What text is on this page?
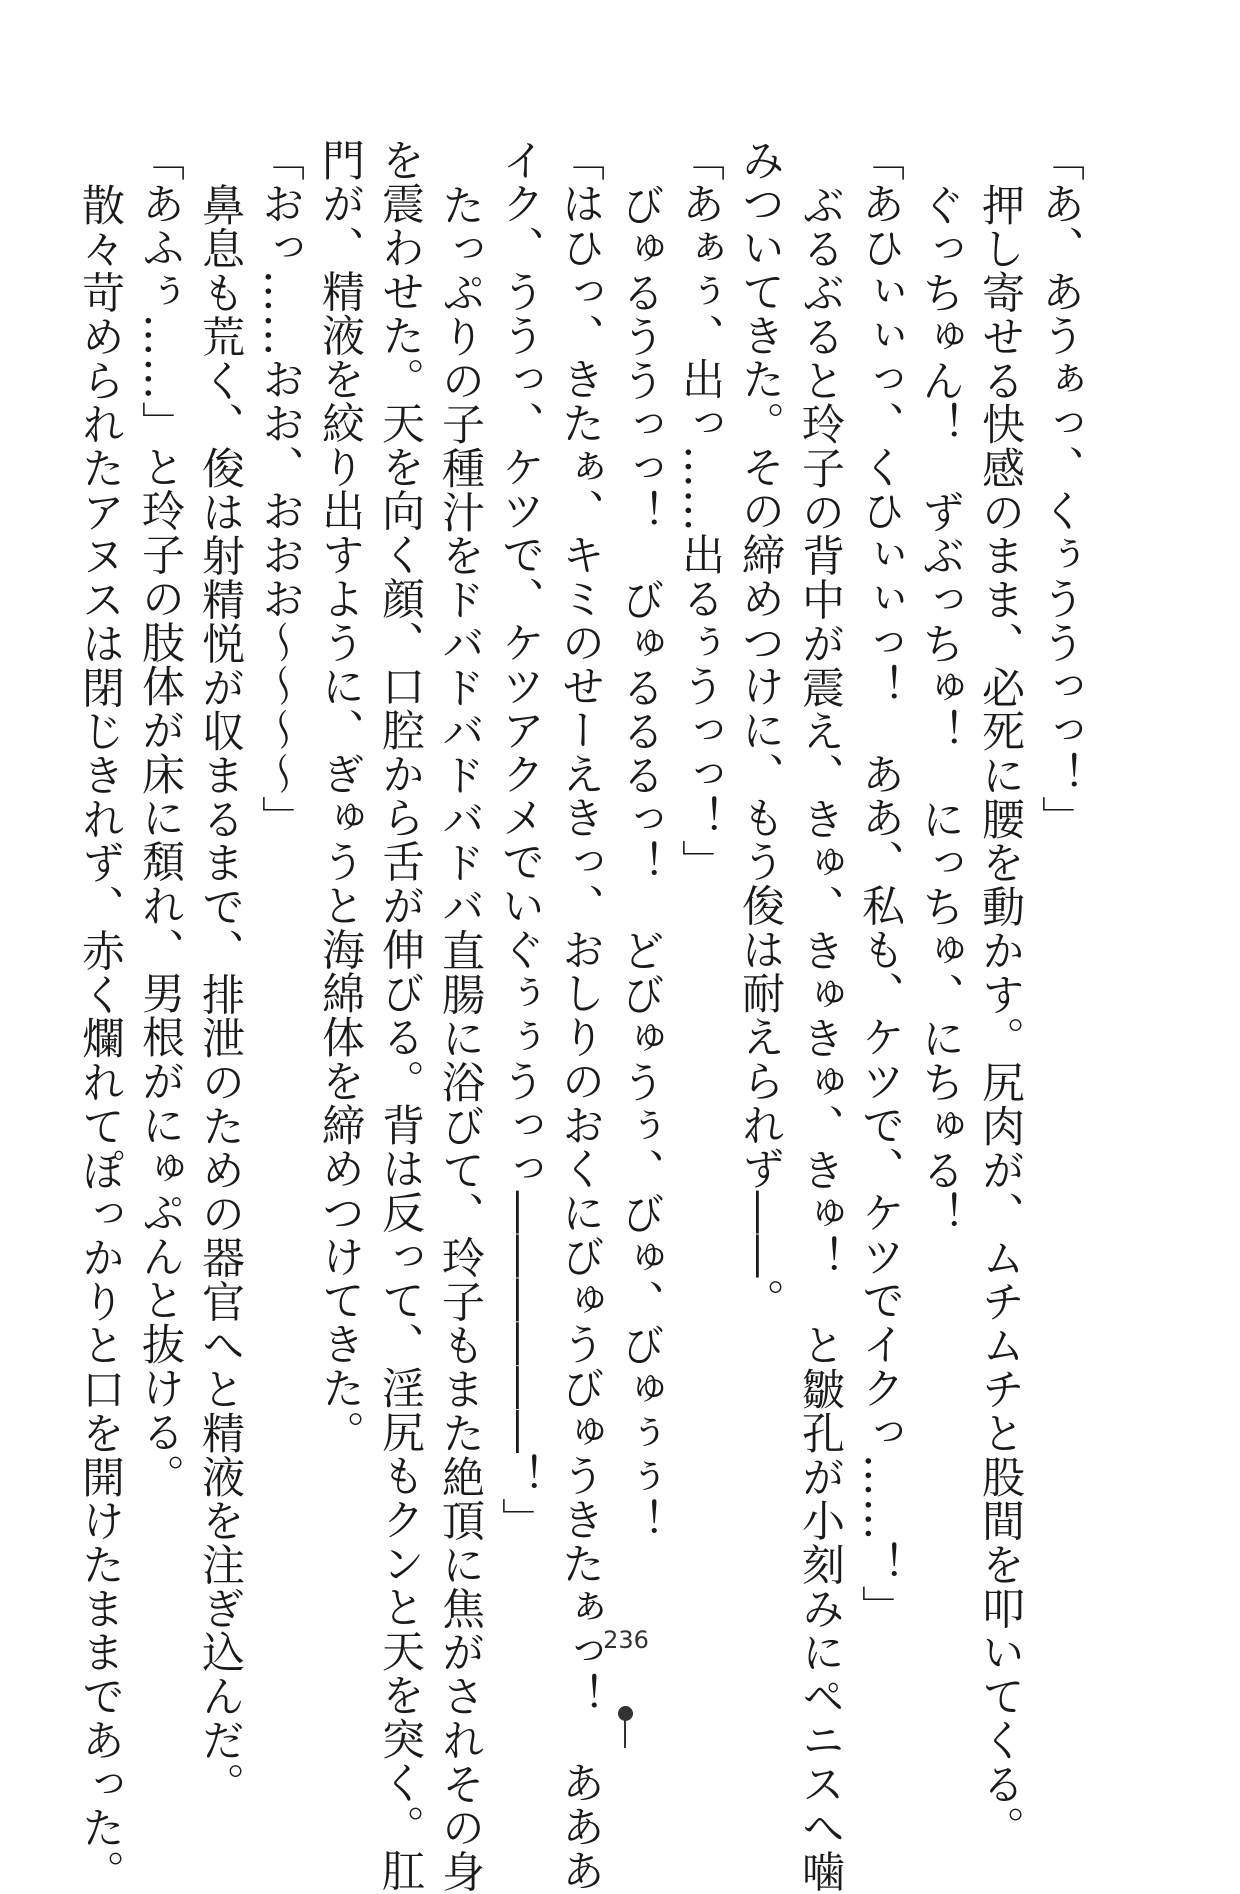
「あ、あうぁっ、くぅううっっ！」

押し寄せる快感のまま、必死に腰を動かす。尻肉が、ムチムチと股間を叩いてくる。

ぐっちゅん！　ずぶっちゅ！　にっちゅ、にちゅる！

「あひぃぃっ、くひぃぃっ！　ああ、私も、ケツで、ケツでイクっ……！」

ぶるぶると玲子の背中が震え、きゅ、きゅきゅ、きゅ！　と皺孔が小刻みにペニスへ噛

みついてきた。その締めつけに、もう俊は耐えられず――。

「あぁぅ、出っ……出るぅうっっ！」

びゅるううっっ！　びゅるるるっ！　どびゅうぅ、びゅ、びゅぅぅ！

「はひっ、きたぁ、キミのせーえきっ、おしりのおくにびゅうびゅうきたぁっ！　あああ

イク、ううっ、ケツで、ケツアクメでいぐぅぅうっっ――――――！」

たっぷりの子種汁をドバドバドバドバ直腸に浴びて、玲子もまた絶頂に焦がされその身

を震わせた。天を向く顔、口腔から舌が伸びる。背は反って、淫尻もクンと天を突く。肛

門が、精液を絞り出すように、ぎゅうと海綿体を締めつけてきた。

「おっ……おお、おおお～～～～」

鼻息も荒く、俊は射精悦が収まるまで、排泄のための器官へと精液を注ぎ込んだ。

「あふぅ……」と玲子の肢体が床に頽れ、男根がにゅぷんと抜ける。

散々苛められたアヌスは閉じきれず、赤く爛れてぽっかりと口を開けたままであった。	236
